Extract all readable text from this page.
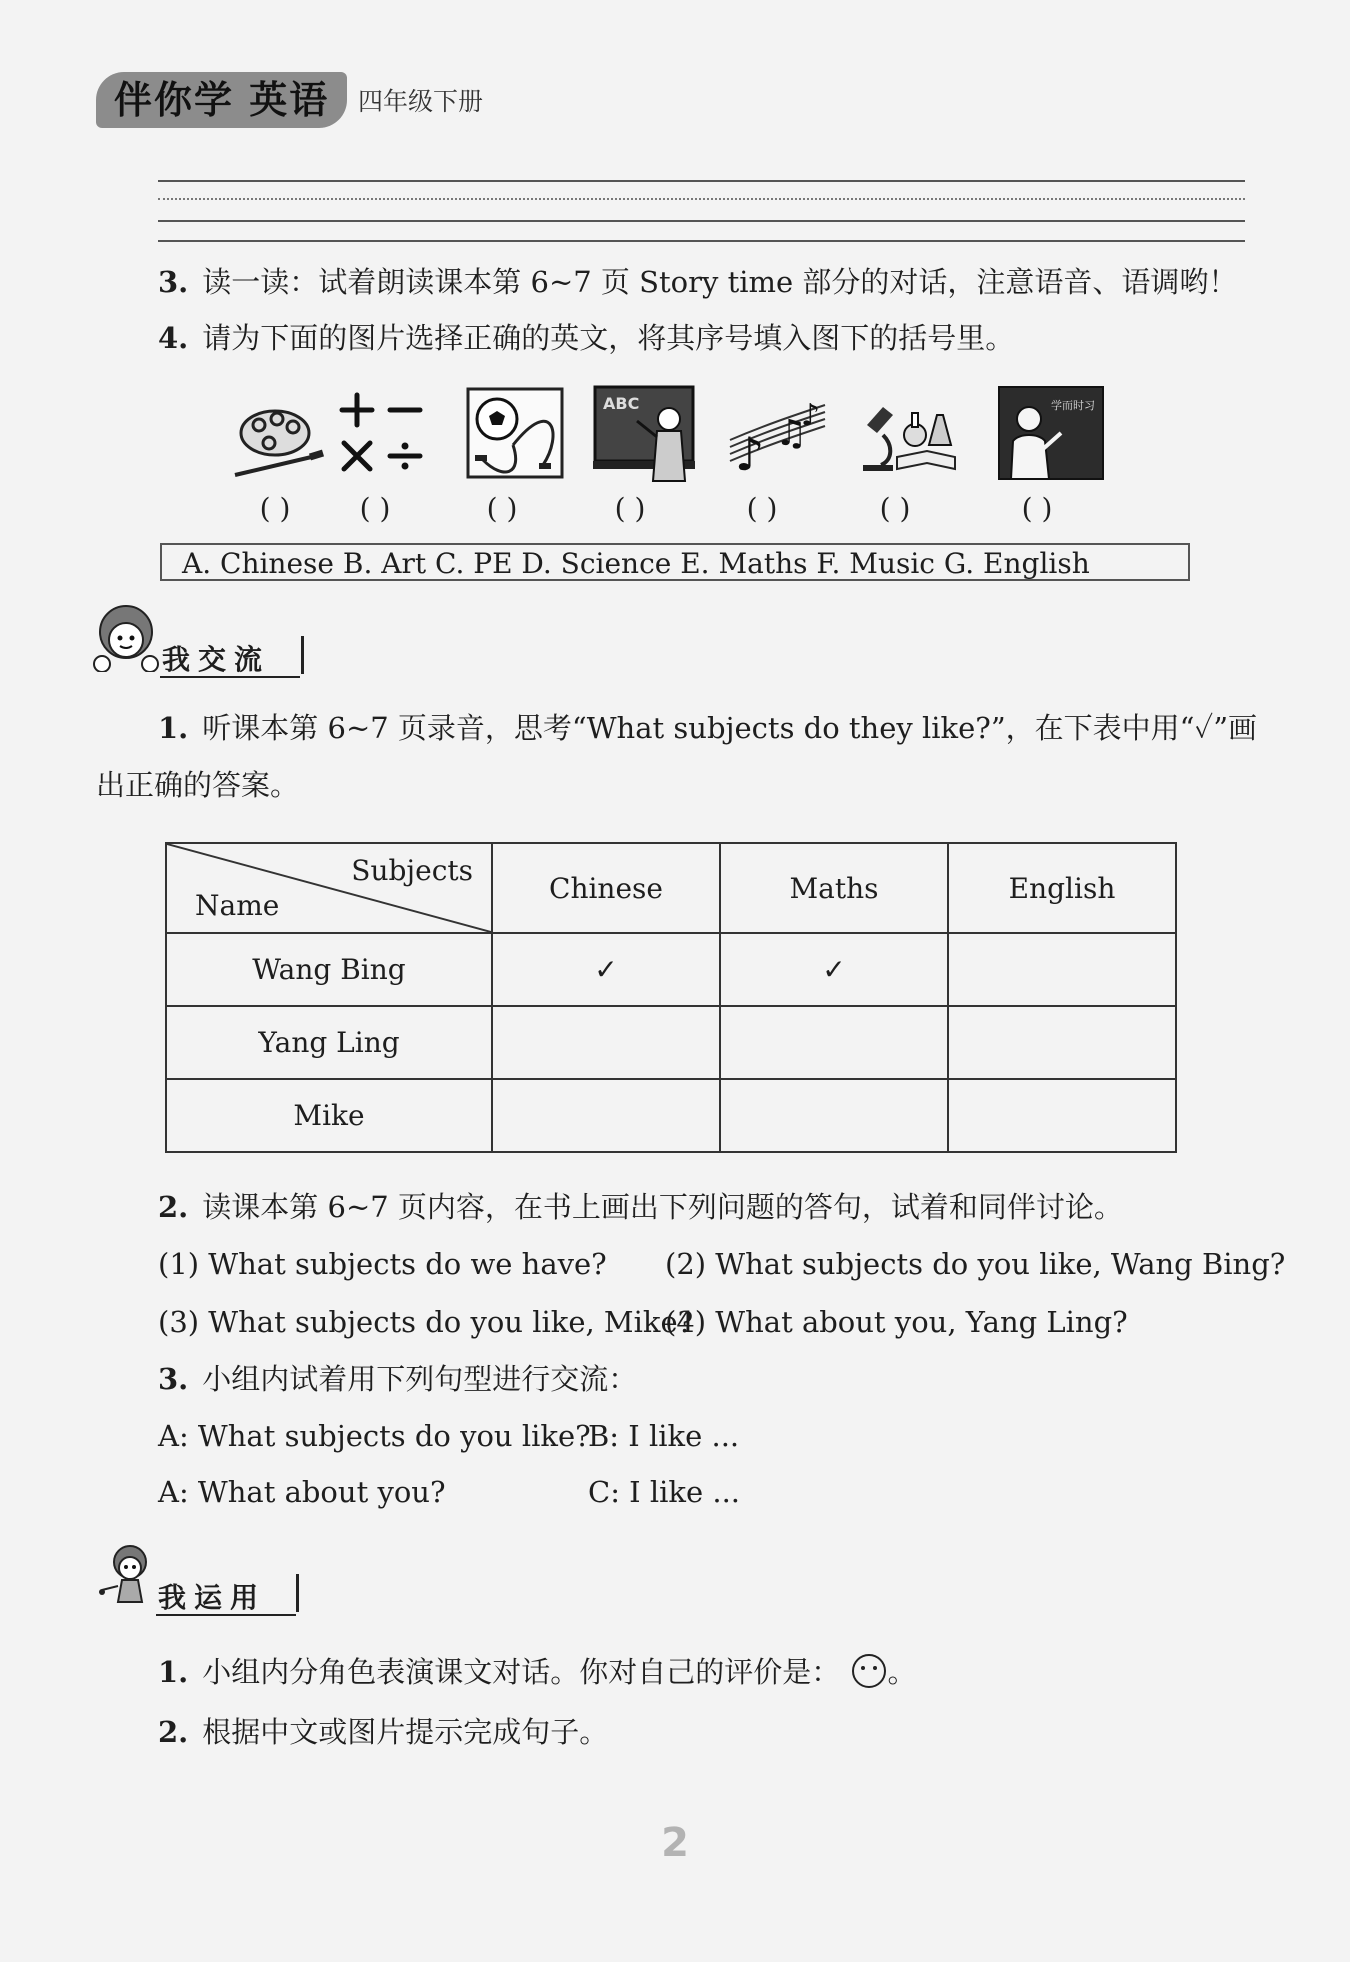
伴你学 英语	四年级下册
3. 读一读：试着朗读课本第 6~7 页 Story time 部分的对话，注意语音、语调哟！
4. 请为下面的图片选择正确的英文，将其序号填入图下的括号里。
ABC
♪ ♫
♪	学而时习
( )	( )	( )	( )	( )	( )	( )
A. Chinese B. Art C. PE D. Science E. Maths F. Music G. English
我交流
1. 听课本第 6~7 页录音，思考“What subjects do they like?”，在下表中用“✓”画
出正确的答案。
Subjects
Name	Chinese	Maths	English
Wang Bing	✓	✓	
Yang Ling			
Mike			
2. 读课本第 6~7 页内容，在书上画出下列问题的答句，试着和同伴讨论。
(1) What subjects do we have? (2) What subjects do you like, Wang Bing?
(3) What subjects do you like, Mike?
(4) What about you, Yang Ling?
3. 小组内试着用下列句型进行交流：
A: What subjects do you like?
B: I like ...
A: What about you?	C: I like ...
我运用
1. 小组内分角色表演课文对话。你对自己的评价是： 。
2. 根据中文或图片提示完成句子。
2
